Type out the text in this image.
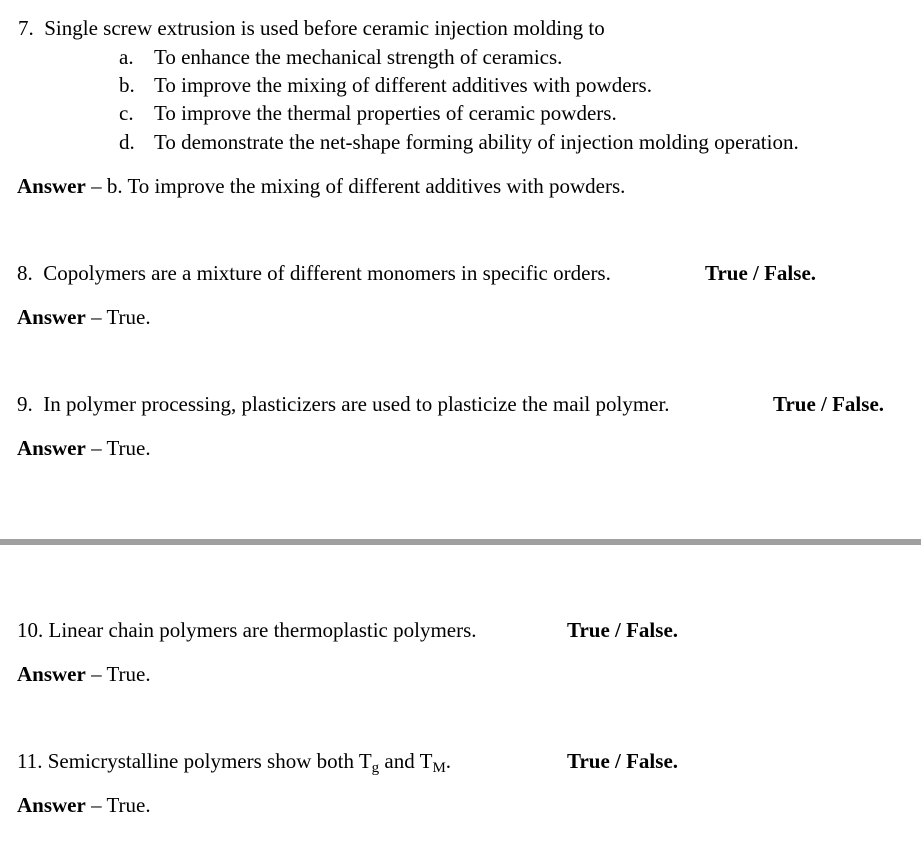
7. Single screw extrusion is used before ceramic injection molding to
a. To enhance the mechanical strength of ceramics.
b. To improve the mixing of different additives with powders.
c. To improve the thermal properties of ceramic powders.
d. To demonstrate the net-shape forming ability of injection molding operation.
Answer – b. To improve the mixing of different additives with powders.
8. Copolymers are a mixture of different monomers in specific orders.	True / False.
Answer – True.
9. In polymer processing, plasticizers are used to plasticize the mail polymer.	True / False.
Answer – True.
10. Linear chain polymers are thermoplastic polymers.	True / False.
Answer – True.
11. Semicrystalline polymers show both $T_g$ and $T_M$.	True / False.
Answer – True.
